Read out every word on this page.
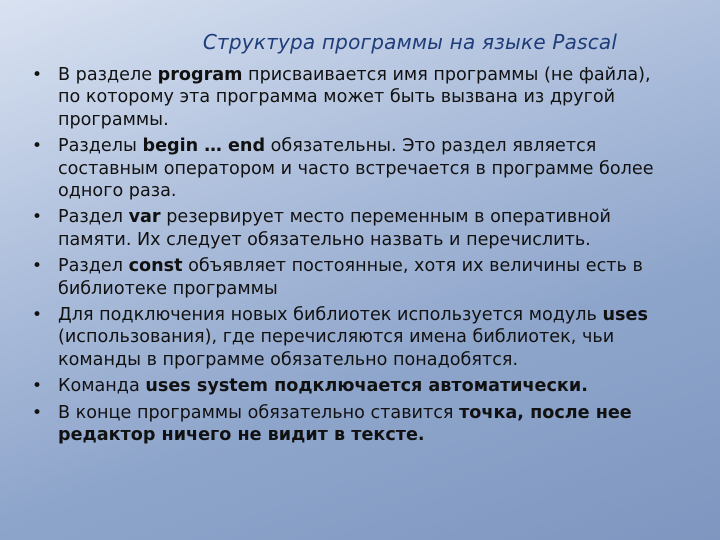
Структура программы на языке Pascal
• В разделе program присваивается имя программы (не файла), по которому эта программа может быть вызвана из другой программы.
• Разделы begin … end обязательны. Это раздел является составным оператором и часто встречается в программе более одного раза.
• Раздел var резервирует место переменным в оперативной памяти. Их следует обязательно назвать и перечислить.
• Раздел const объявляет постоянные, хотя их величины есть в библиотеке программы
• Для подключения новых библиотек используется модуль uses (использования), где перечисляются имена библиотек, чьи команды в программе обязательно понадобятся.
• Команда uses system подключается автоматически.
• В конце программы обязательно ставится точка, после нее редактор ничего не видит в тексте.
